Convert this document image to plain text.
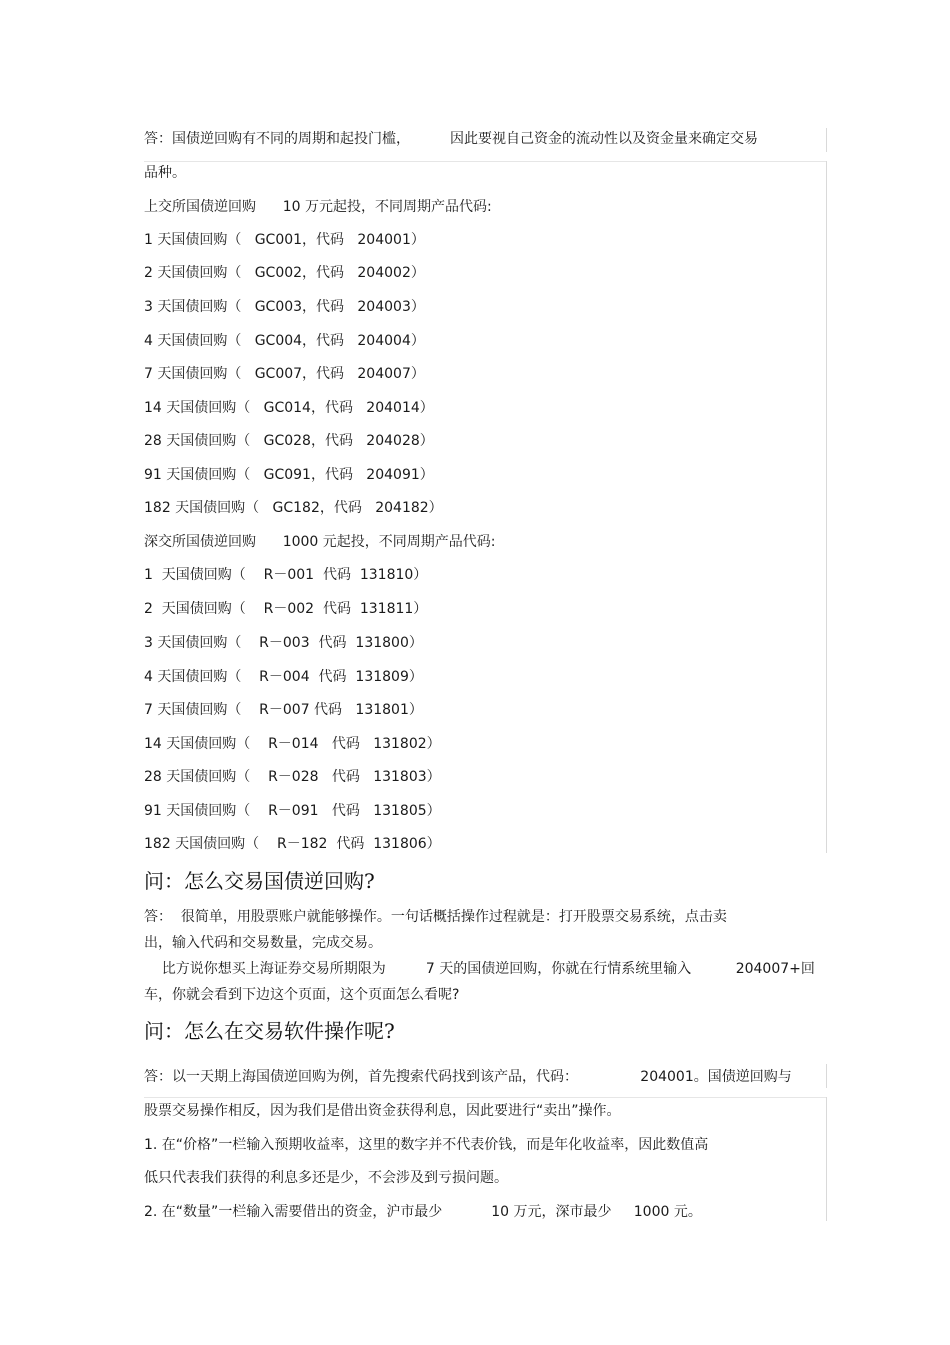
答：国债逆回购有不同的周期和起投门槛，         因此要视自己资金的流动性以及资金量来确定交易
品种。
上交所国债逆回购      10 万元起投，不同周期产品代码:
1 天国债回购（   GC001，代码   204001）
2 天国债回购（   GC002，代码   204002）
3 天国债回购（   GC003，代码   204003）
4 天国债回购（   GC004，代码   204004）
7 天国债回购（   GC007，代码   204007）
14 天国债回购（   GC014，代码   204014）
28 天国债回购（   GC028，代码   204028）
91 天国债回购（   GC091，代码   204091）
182 天国债回购（   GC182，代码   204182）
深交所国债逆回购      1000 元起投，不同周期产品代码:
1  天国债回购（    R－001  代码  131810）
2  天国债回购（    R－002  代码  131811）
3 天国债回购（    R－003  代码  131800）
4 天国债回购（    R－004  代码  131809）
7 天国债回购（    R－007 代码   131801）
14 天国债回购（    R－014   代码   131802）
28 天国债回购（    R－028   代码   131803）
91 天国债回购（    R－091   代码   131805）
182 天国债回购（    R－182  代码  131806）
问：怎么交易国债逆回购?
答：  很简单，用股票账户就能够操作。一句话概括操作过程就是：打开股票交易系统，点击卖
出，输入代码和交易数量，完成交易。
比方说你想买上海证券交易所期限为         7 天的国债逆回购，你就在行情系统里输入          204007+回
车，你就会看到下边这个页面，这个页面怎么看呢?
问：怎么在交易软件操作呢?
答：以一天期上海国债逆回购为例，首先搜索代码找到该产品，代码：              204001。国债逆回购与
股票交易操作相反，因为我们是借出资金获得利息，因此要进行“卖出”操作。
1. 在“价格”一栏输入预期收益率，这里的数字并不代表价钱，而是年化收益率，因此数值高
低只代表我们获得的利息多还是少，不会涉及到亏损问题。
2. 在“数量”一栏输入需要借出的资金，沪市最少           10 万元，深市最少     1000 元。
